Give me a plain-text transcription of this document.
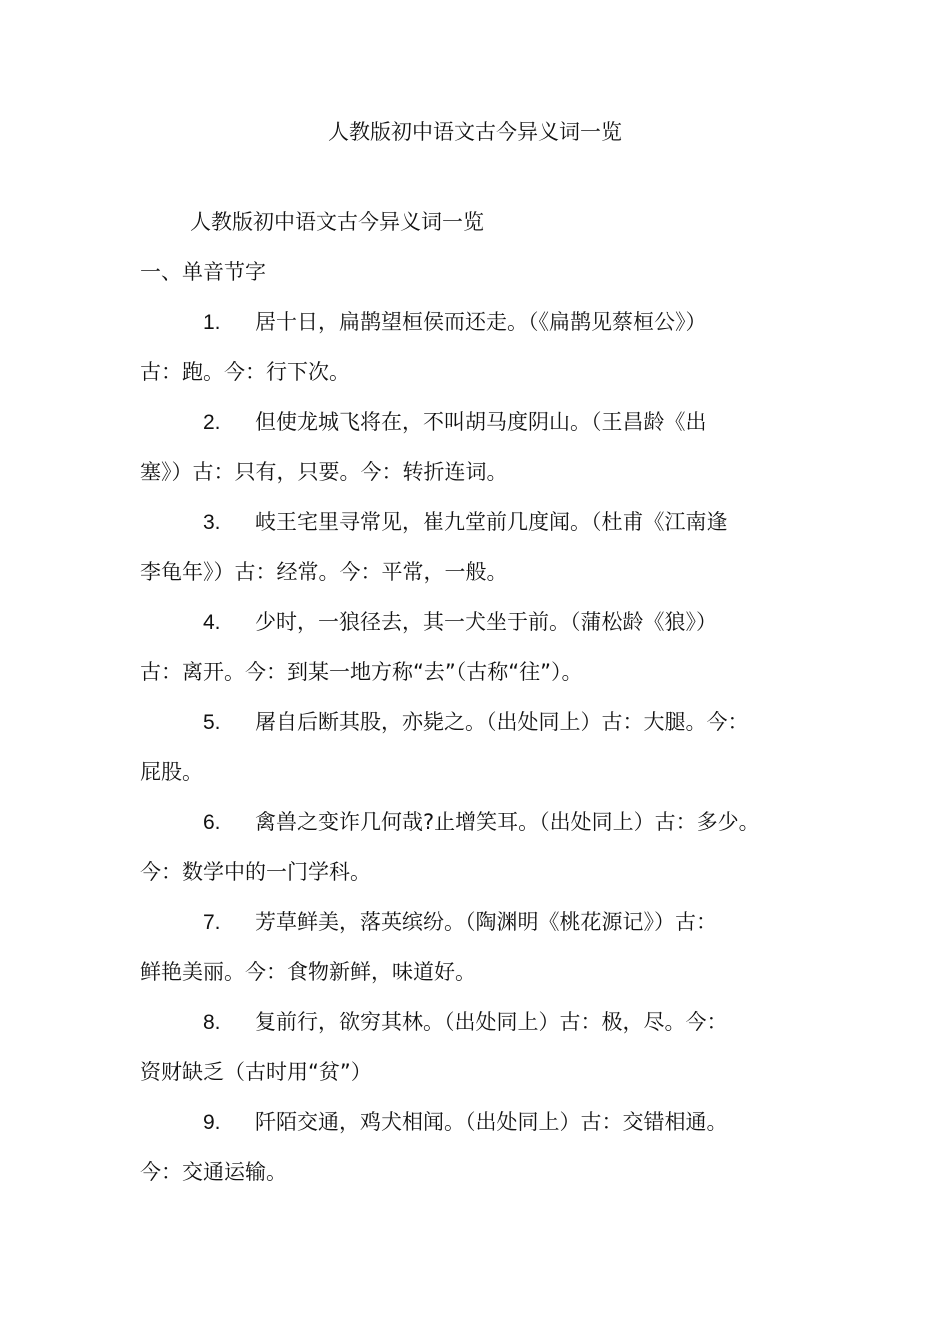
人教版初中语文古今异义词一览
人教版初中语文古今异义词一览
一、单音节字
1. 居十日，扁鹊望桓侯而还走。（《扁鹊见蔡桓公》）
古：跑。今：行下次。
2. 但使龙城飞将在，不叫胡马度阴山。（王昌龄《出
塞》）古：只有，只要。今：转折连词。
3. 岐王宅里寻常见，崔九堂前几度闻。（杜甫《江南逢
李龟年》）古：经常。今：平常，一般。
4. 少时，一狼径去，其一犬坐于前。（蒲松龄《狼》）
古：离开。今：到某一地方称“去”（古称“往”）。
5. 屠自后断其股，亦毙之。（出处同上）古：大腿。今：
屁股。
6. 禽兽之变诈几何哉?止增笑耳。（出处同上）古：多少。
今：数学中的一门学科。
7. 芳草鲜美，落英缤纷。（陶渊明《桃花源记》）古：
鲜艳美丽。今：食物新鲜，味道好。
8. 复前行，欲穷其林。（出处同上）古：极，尽。今：
资财缺乏（古时用“贫”）
9. 阡陌交通，鸡犬相闻。（出处同上）古：交错相通。
今：交通运输。
